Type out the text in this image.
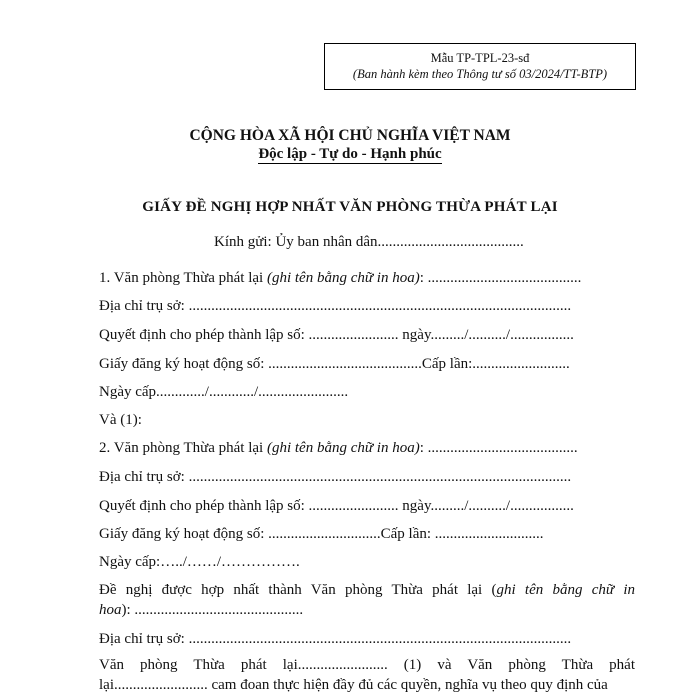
Mẫu TP-TPL-23-sđ
(Ban hành kèm theo Thông tư số 03/2024/TT-BTP)
CỘNG HÒA XÃ HỘI CHỦ NGHĨA VIỆT NAM
Độc lập - Tự do - Hạnh phúc
GIẤY ĐỀ NGHỊ HỢP NHẤT VĂN PHÒNG THỪA PHÁT LẠI
Kính gửi: Ủy ban nhân dân.......................................
1. Văn phòng Thừa phát lại (ghi tên bằng chữ in hoa): .........................................
Địa chỉ trụ sở: ......................................................................................................
Quyết định cho phép thành lập số: ........................ ngày........./........../.................
Giấy đăng ký hoạt động số: .........................................Cấp lần:..........................
Ngày cấp............./............/........................
Và (1):
2. Văn phòng Thừa phát lại (ghi tên bằng chữ in hoa): ........................................
Địa chỉ trụ sở: ......................................................................................................
Quyết định cho phép thành lập số: ........................ ngày........./........../.................
Giấy đăng ký hoạt động số: ..............................Cấp lần: .............................
Ngày cấp:…../……/…………….
Đề nghị được hợp nhất thành Văn phòng Thừa phát lại (ghi tên bằng chữ in
hoa): .............................................
Địa chỉ trụ sở: ......................................................................................................
Văn phòng Thừa phát lại........................ (1) và Văn phòng Thừa phát
lại......................... cam đoan thực hiện đầy đủ các quyền, nghĩa vụ theo quy định của
